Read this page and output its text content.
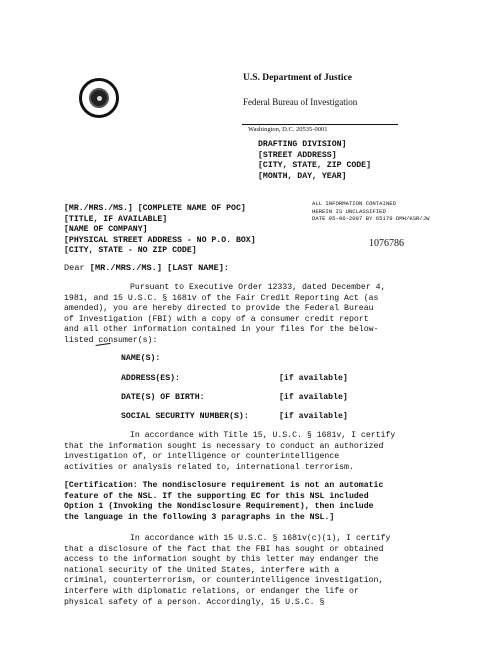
U.S. Department of Justice
Federal Bureau of Investigation
Washington, D.C. 20535-0001
DRAFTING DIVISION]
[STREET ADDRESS]
[CITY, STATE, ZIP CODE]
[MONTH, DAY, YEAR]
ALL INFORMATION CONTAINED
HEREIN IS UNCLASSIFIED
DATE 05-06-2007 BY 65179 DMH/KSR/JW
[MR./MRS./MS.] [COMPLETE NAME OF POC]
[TITLE, IF AVAILABLE]
[NAME OF COMPANY]
[PHYSICAL STREET ADDRESS - NO P.O. BOX]
[CITY, STATE - NO ZIP CODE]
1076786
Dear [MR./MRS./MS.] [LAST NAME]:
Pursuant to Executive Order 12333, dated December 4,
1981, and 15 U.S.C. § 1681v of the Fair Credit Reporting Act (as
amended), you are hereby directed to provide the Federal Bureau
of Investigation (FBI) with a copy of a consumer credit report
and all other information contained in your files for the below-
listed consumer(s):
NAME(S):
ADDRESS(ES):	[if available]
DATE(S) OF BIRTH:	[if available]
SOCIAL SECURITY NUMBER(S):	[if available]
In accordance with Title 15, U.S.C. § 1681v, I certify
that the information sought is necessary to conduct an authorized
investigation of, or intelligence or counterintelligence
activities or analysis related to, international terrorism.
[Certification: The nondisclosure requirement is not an automatic
feature of the NSL. If the supporting EC for this NSL included
Option 1 (Invoking the Nondisclosure Requirement), then include
the language in the following 3 paragraphs in the NSL.]
In accordance with 15 U.S.C. § 1681v(c)(1), I certify
that a disclosure of the fact that the FBI has sought or obtained
access to the information sought by this letter may endanger the
national security of the United States, interfere with a
criminal, counterterrorism, or counterintelligence investigation,
interfere with diplomatic relations, or endanger the life or
physical safety of a person. Accordingly, 15 U.S.C. §
